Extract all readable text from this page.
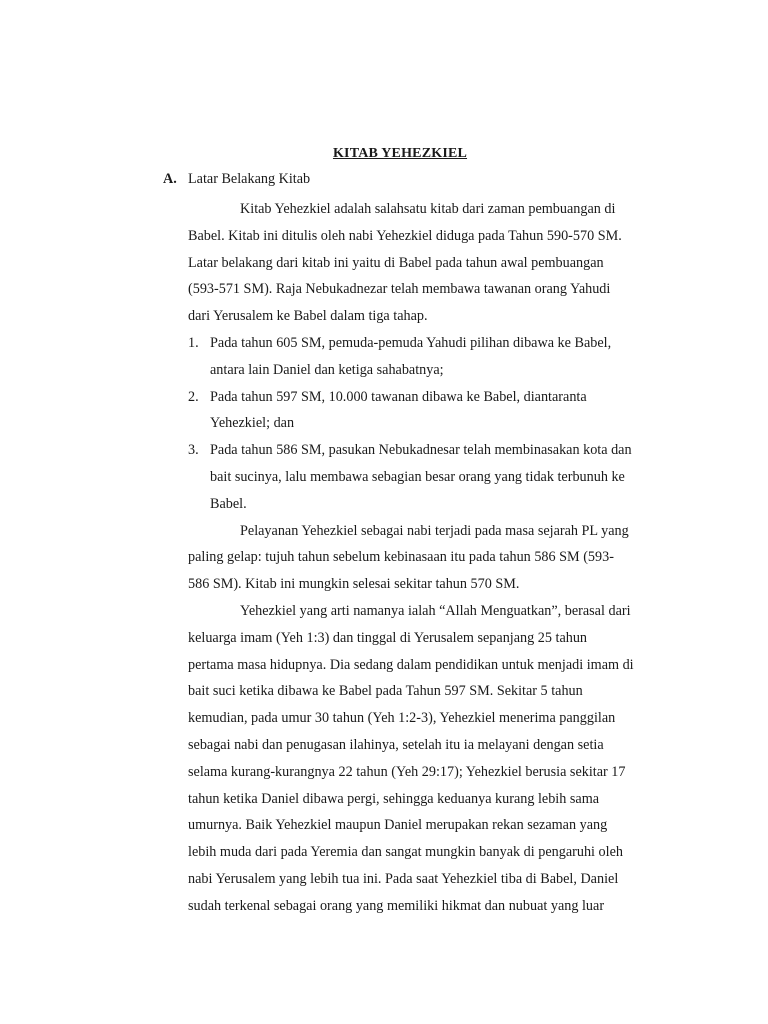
KITAB YEHEZKIEL
A. Latar Belakang Kitab

Kitab Yehezkiel adalah salahsatu kitab dari zaman pembuangan di
Babel. Kitab ini ditulis oleh nabi Yehezkiel diduga pada Tahun 590-570 SM.
Latar belakang dari kitab ini yaitu di Babel pada tahun awal pembuangan
(593-571 SM). Raja Nebukadnezar telah membawa tawanan orang Yahudi
dari Yerusalem ke Babel dalam tiga tahap.

1. Pada tahun 605 SM, pemuda-pemuda Yahudi pilihan dibawa ke Babel,
antara lain Daniel dan ketiga sahabatnya;
2. Pada tahun 597 SM, 10.000 tawanan dibawa ke Babel, diantaranta
Yehezkiel; dan
3. Pada tahun 586 SM, pasukan Nebukadnesar telah membinasakan kota dan
bait sucinya, lalu membawa sebagian besar orang yang tidak terbunuh ke
Babel.

Pelayanan Yehezkiel sebagai nabi terjadi pada masa sejarah PL yang
paling gelap: tujuh tahun sebelum kebinasaan itu pada tahun 586 SM (593-
586 SM). Kitab ini mungkin selesai sekitar tahun 570 SM.

Yehezkiel yang arti namanya ialah “Allah Menguatkan”, berasal dari
keluarga imam (Yeh 1:3) dan tinggal di Yerusalem sepanjang 25 tahun
pertama masa hidupnya. Dia sedang dalam pendidikan untuk menjadi imam di
bait suci ketika dibawa ke Babel pada Tahun 597 SM. Sekitar 5 tahun
kemudian, pada umur 30 tahun (Yeh 1:2-3), Yehezkiel menerima panggilan
sebagai nabi dan penugasan ilahinya, setelah itu ia melayani dengan setia
selama kurang-kurangnya 22 tahun (Yeh 29:17); Yehezkiel berusia sekitar 17
tahun ketika Daniel dibawa pergi, sehingga keduanya kurang lebih sama
umurnya. Baik Yehezkiel maupun Daniel merupakan rekan sezaman yang
lebih muda dari pada Yeremia dan sangat mungkin banyak di pengaruhi oleh
nabi Yerusalem yang lebih tua ini. Pada saat Yehezkiel tiba di Babel, Daniel
sudah terkenal sebagai orang yang memiliki hikmat dan nubuat yang luar
